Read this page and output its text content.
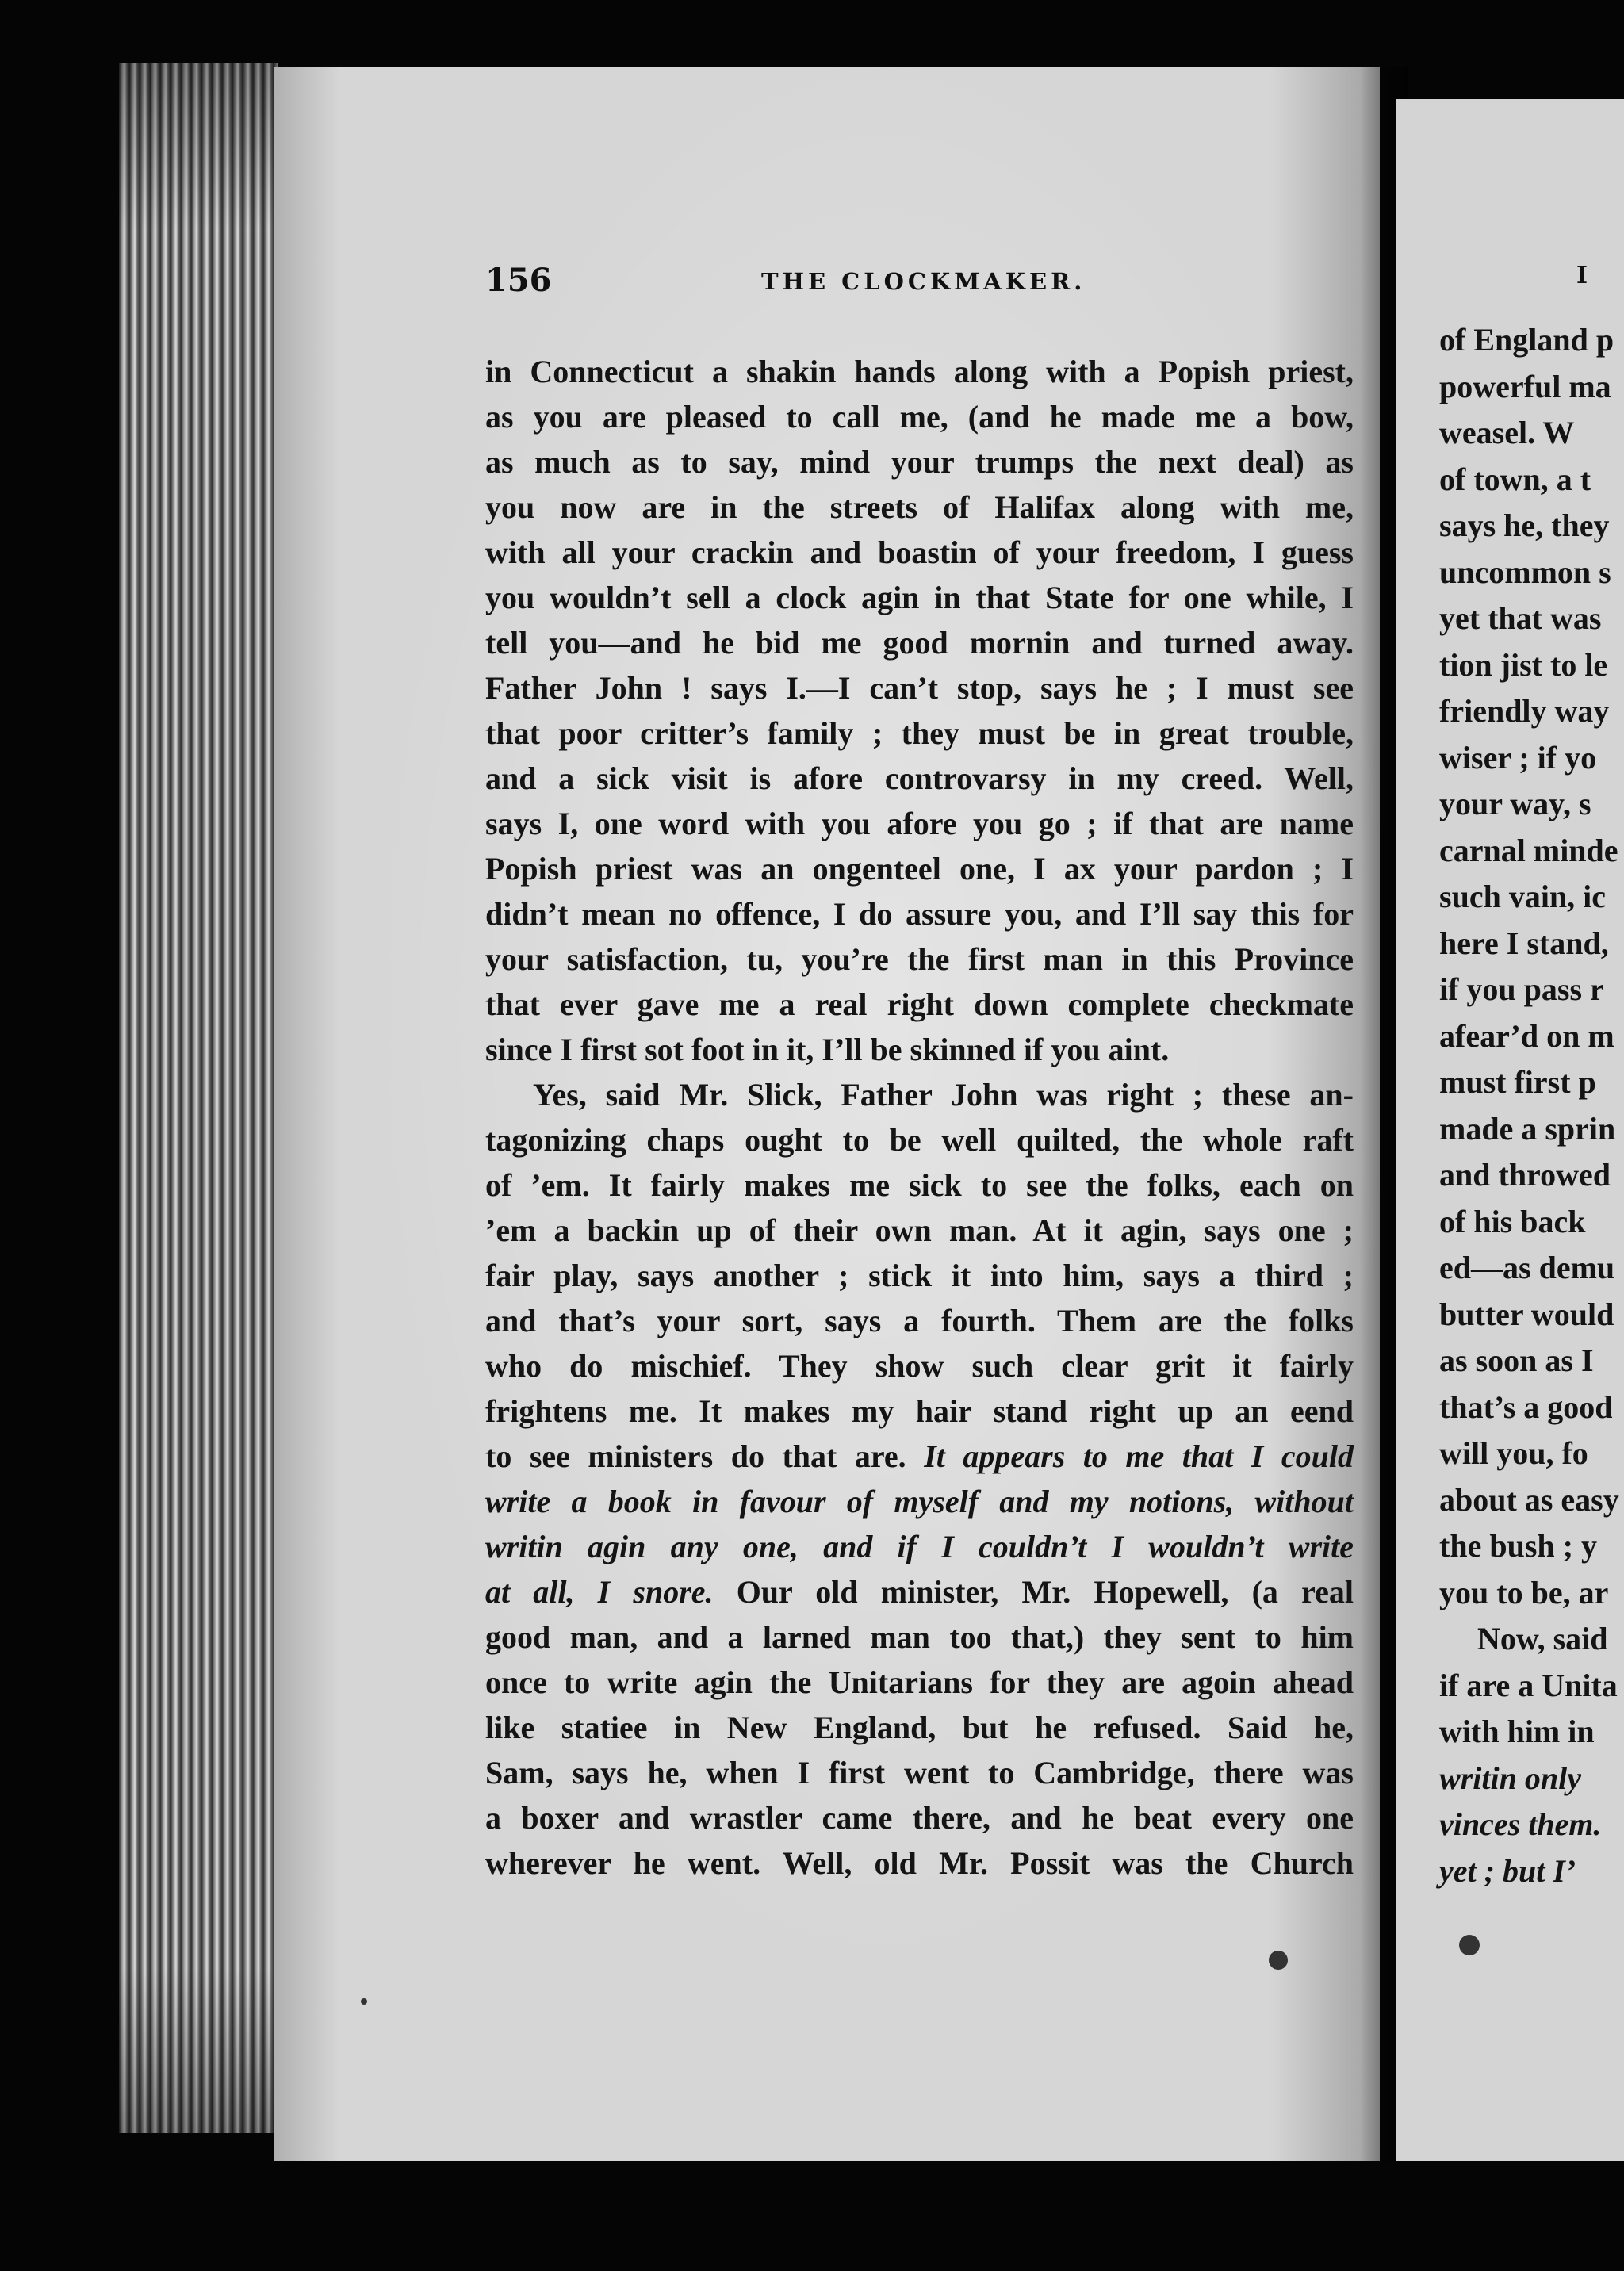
156	THE CLOCKMAKER.
in Connecticut a shakin hands along with a Popish priest,
as you are pleased to call me, (and he made me a bow,
as much as to say, mind your trumps the next deal) as
you now are in the streets of Halifax along with me,
with all your crackin and boastin of your freedom, I guess
you wouldn’t sell a clock agin in that State for one while, I
tell you—and he bid me good mornin and turned away.
Father John ! says I.—I can’t stop, says he ; I must see
that poor critter’s family ; they must be in great trouble,
and a sick visit is afore controvarsy in my creed. Well,
says I, one word with you afore you go ; if that are name
Popish priest was an ongenteel one, I ax your pardon ; I
didn’t mean no offence, I do assure you, and I’ll say this for
your satisfaction, tu, you’re the first man in this Province
that ever gave me a real right down complete checkmate
since I first sot foot in it, I’ll be skinned if you aint.
Yes, said Mr. Slick, Father John was right ; these an-
tagonizing chaps ought to be well quilted, the whole raft
of ’em. It fairly makes me sick to see the folks, each on
’em a backin up of their own man. At it agin, says one ;
fair play, says another ; stick it into him, says a third ;
and that’s your sort, says a fourth. Them are the folks
who do mischief. They show such clear grit it fairly
frightens me. It makes my hair stand right up an eend
to see ministers do that are. It appears to me that I could
write a book in favour of myself and my notions, without
writin agin any one, and if I couldn’t I wouldn’t write
at all, I snore. Our old minister, Mr. Hopewell, (a real
good man, and a larned man too that,) they sent to him
once to write agin the Unitarians for they are agoin ahead
like statiee in New England, but he refused. Said he,
Sam, says he, when I first went to Cambridge, there was
a boxer and wrastler came there, and he beat every one
wherever he went. Well, old Mr. Possit was the Church
I
of England p
powerful ma
weasel. W
of town, a t
says he, they
uncommon s
yet that was
tion jist to le
friendly way
wiser ; if yo
your way, s
carnal minde
such vain, ic
here I stand,
if you pass r
afear’d on m
must first p
made a sprin
and throwed
of his back
ed—as demu
butter would
as soon as I
that’s a good
will you, fo
about as easy
the bush ; y
you to be, ar
Now, said
if are a Unita
with him in
writin only
vinces them.
yet ; but I’
